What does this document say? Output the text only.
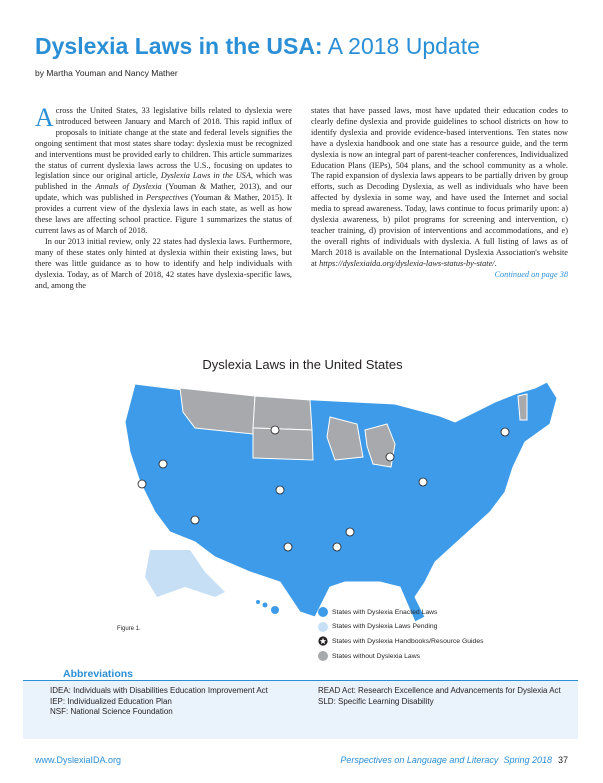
Dyslexia Laws in the USA: A 2018 Update
by Martha Youman and Nancy Mather

Across the United States, 33 legislative bills related to dyslexia were introduced between January and March of 2018. This rapid influx of proposals to initiate change at the state and federal levels signifies the ongoing sentiment that most states share today: dyslexia must be recognized and interventions must be provided early to children. This article summarizes the status of current dyslexia laws across the U.S., focusing on updates to legislation since our original article, Dyslexia Laws in the USA, which was published in the Annals of Dyslexia (Youman & Mather, 2013), and our update, which was published in Perspectives (Youman & Mather, 2015). It provides a current view of the dyslexia laws in each state, as well as how these laws are affecting school practice. Figure 1 summarizes the status of current laws as of March of 2018.

In our 2013 initial review, only 22 states had dyslexia laws. Furthermore, many of these states only hinted at dyslexia within their existing laws, but there was little guidance as to how to identify and help individuals with dyslexia. Today, as of March of 2018, 42 states have dyslexia-specific laws, and, among the

states that have passed laws, most have updated their education codes to clearly define dyslexia and provide guidelines to school districts on how to identify dyslexia and provide evidence-based interventions. Ten states now have a dyslexia handbook and one state has a resource guide, and the term dyslexia is now an integral part of parent-teacher conferences, Individualized Education Plans (IEPs), 504 plans, and the school community as a whole. The rapid expansion of dyslexia laws appears to be partially driven by group efforts, such as Decoding Dyslexia, as well as individuals who have been affected by dyslexia in some way, and have used the Internet and social media to spread awareness. Today, laws continue to focus primarily upon: a) dyslexia awareness, b) pilot programs for screening and intervention, c) teacher training, d) provision of interventions and accommodations, and e) the overall rights of individuals with dyslexia. A full listing of laws as of March 2018 is available on the International Dyslexia Association's website at https://dyslexiaida.org/dyslexia-laws-status-by-state/.

Continued on page 38

Dyslexia Laws in the United States
Figure 1.
States with Dyslexia Enacted Laws
States with Dyslexia Laws Pending
States with Dyslexia Handbooks/Resource Guides
States without Dyslexia Laws
Abbreviations

IDEA: Individuals with Disabilities Education Improvement Act

IEP: Individualized Education Plan

NSF: National Science Foundation

READ Act: Research Excellence and Advancements for Dyslexia Act

SLD: Specific Learning Disability

www.DyslexiaIDA.org	Perspectives on Language and Literacy Spring 2018 37
